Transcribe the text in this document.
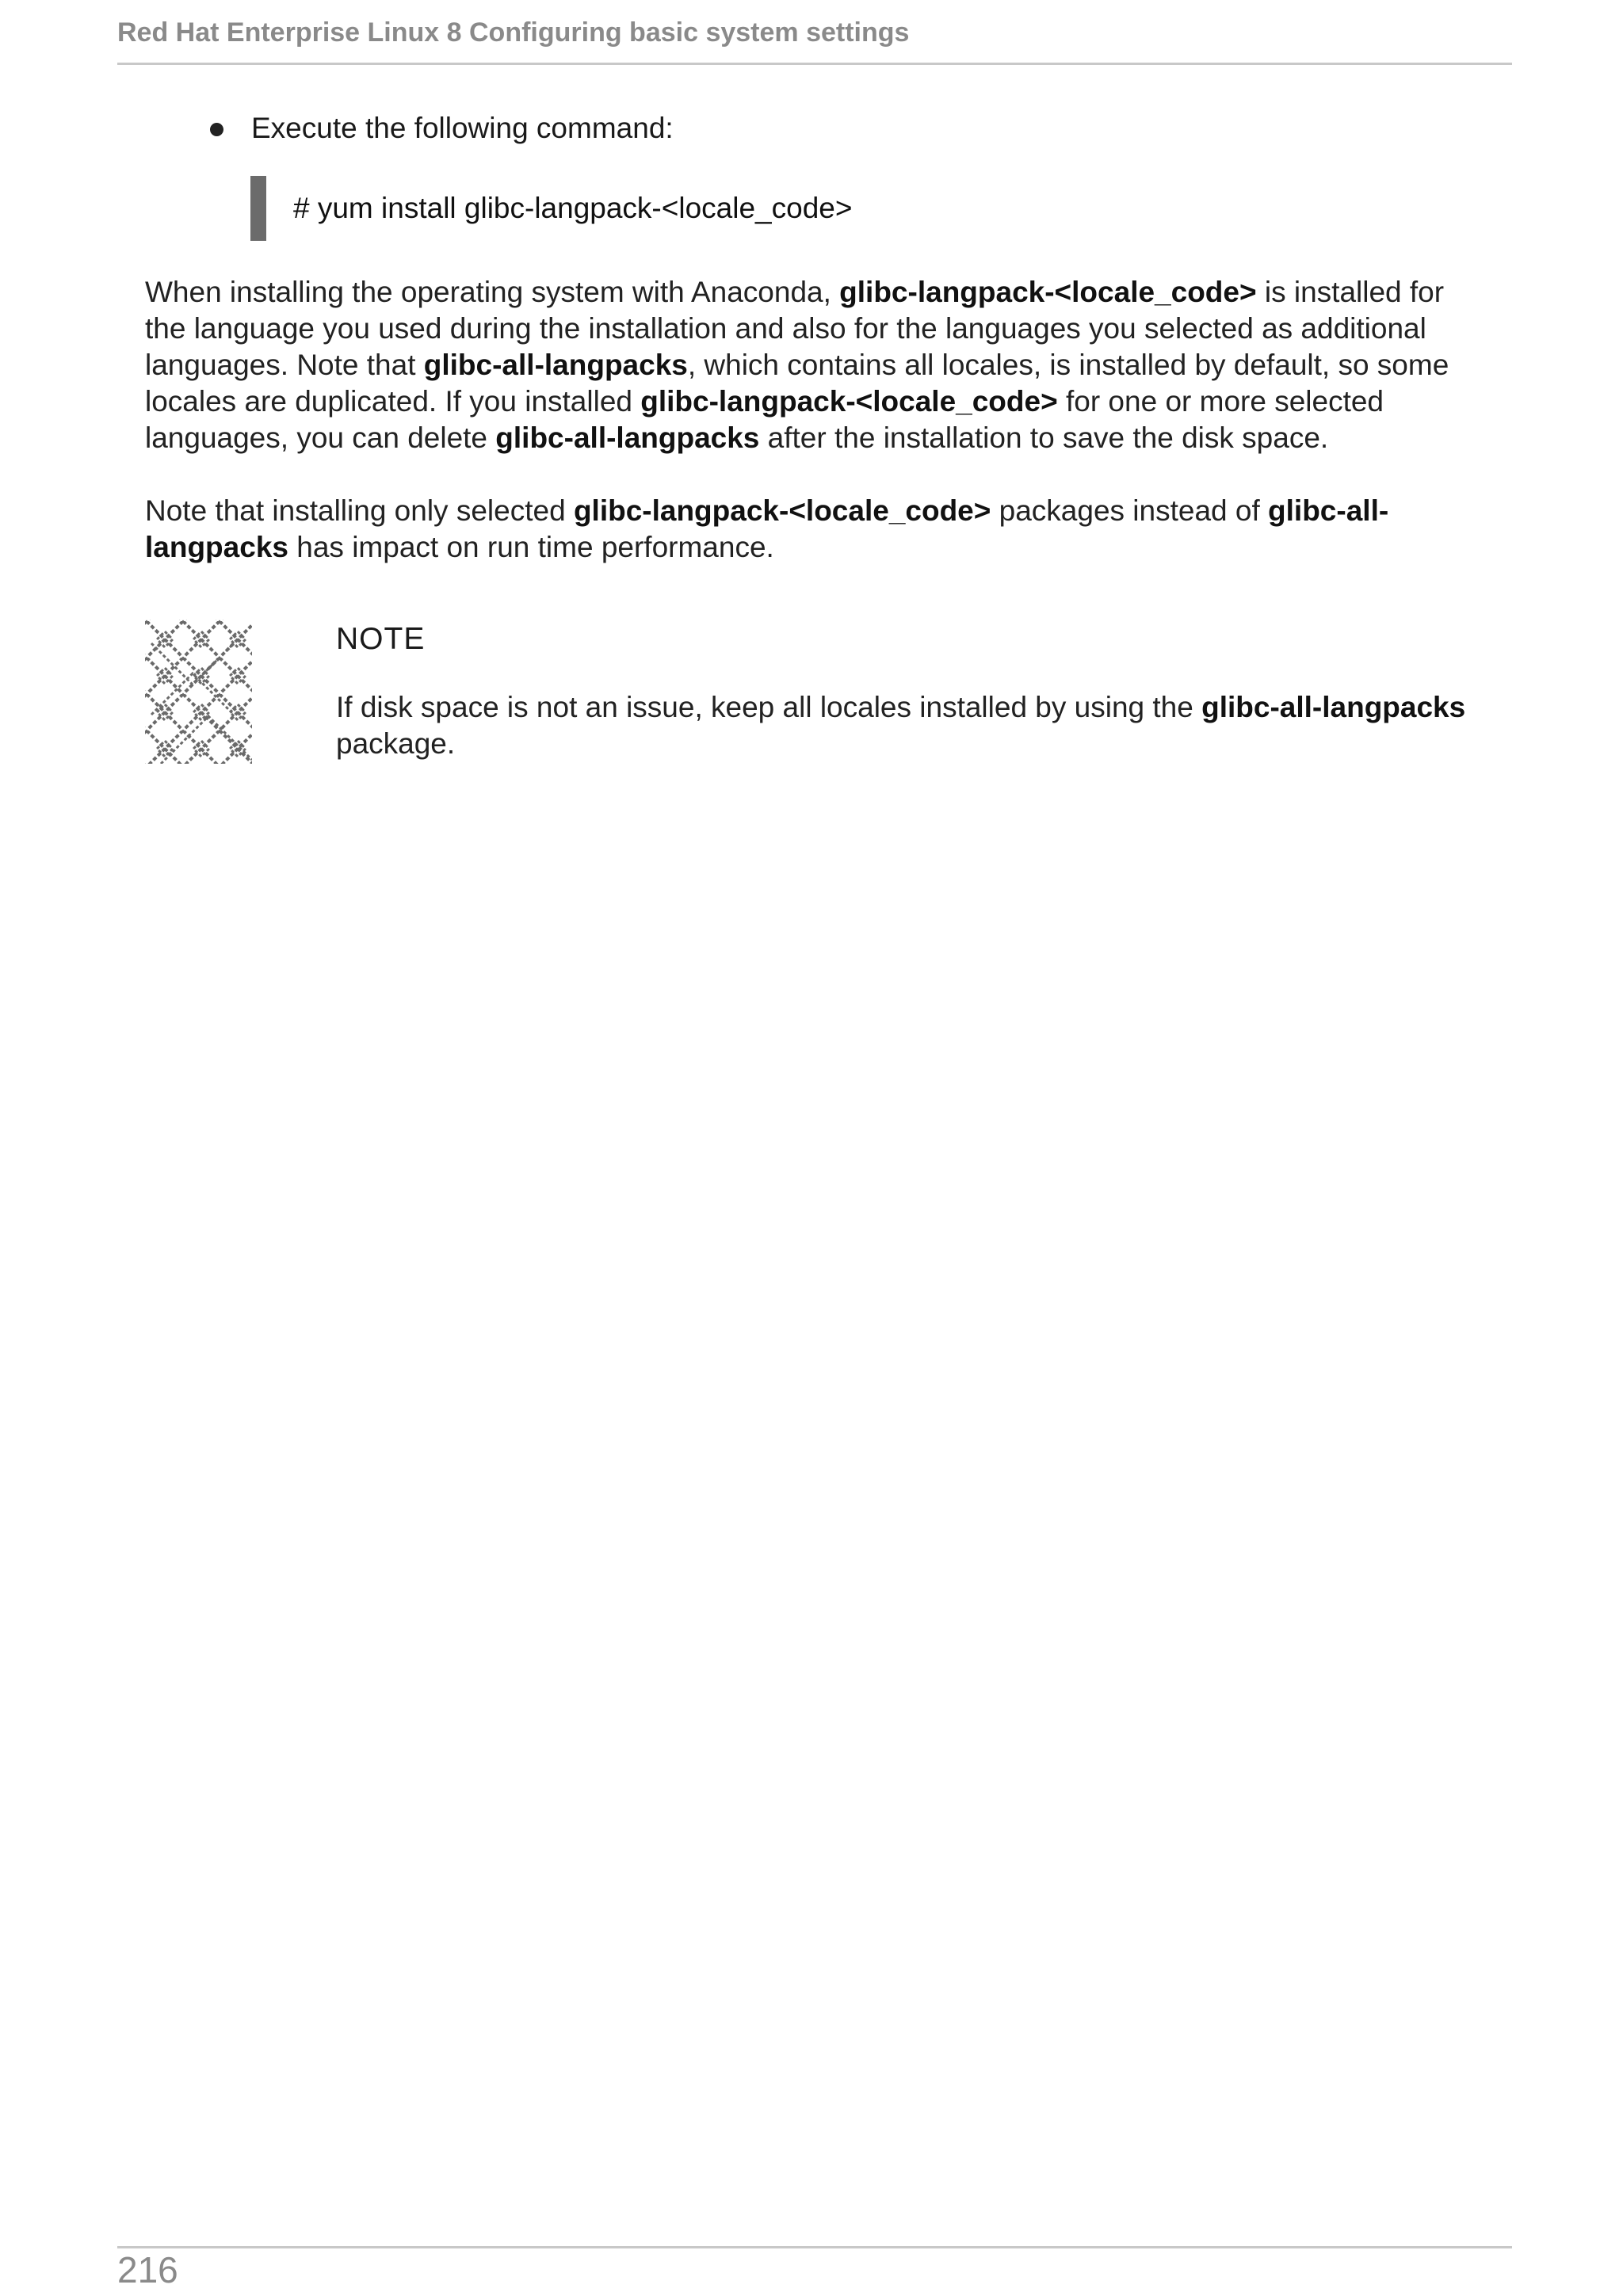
Red Hat Enterprise Linux 8 Configuring basic system settings
Execute the following command:
# yum install glibc-langpack-<locale_code>

When installing the operating system with Anaconda, glibc-langpack-<locale_code> is installed for the language you used during the installation and also for the languages you selected as additional languages. Note that glibc-all-langpacks, which contains all locales, is installed by default, so some locales are duplicated. If you installed glibc-langpack-<locale_code> for one or more selected languages, you can delete glibc-all-langpacks after the installation to save the disk space.

Note that installing only selected glibc-langpack-<locale_code> packages instead of glibc-all-langpacks has impact on run time performance.

NOTE

If disk space is not an issue, keep all locales installed by using the glibc-all-langpacks package.

216
